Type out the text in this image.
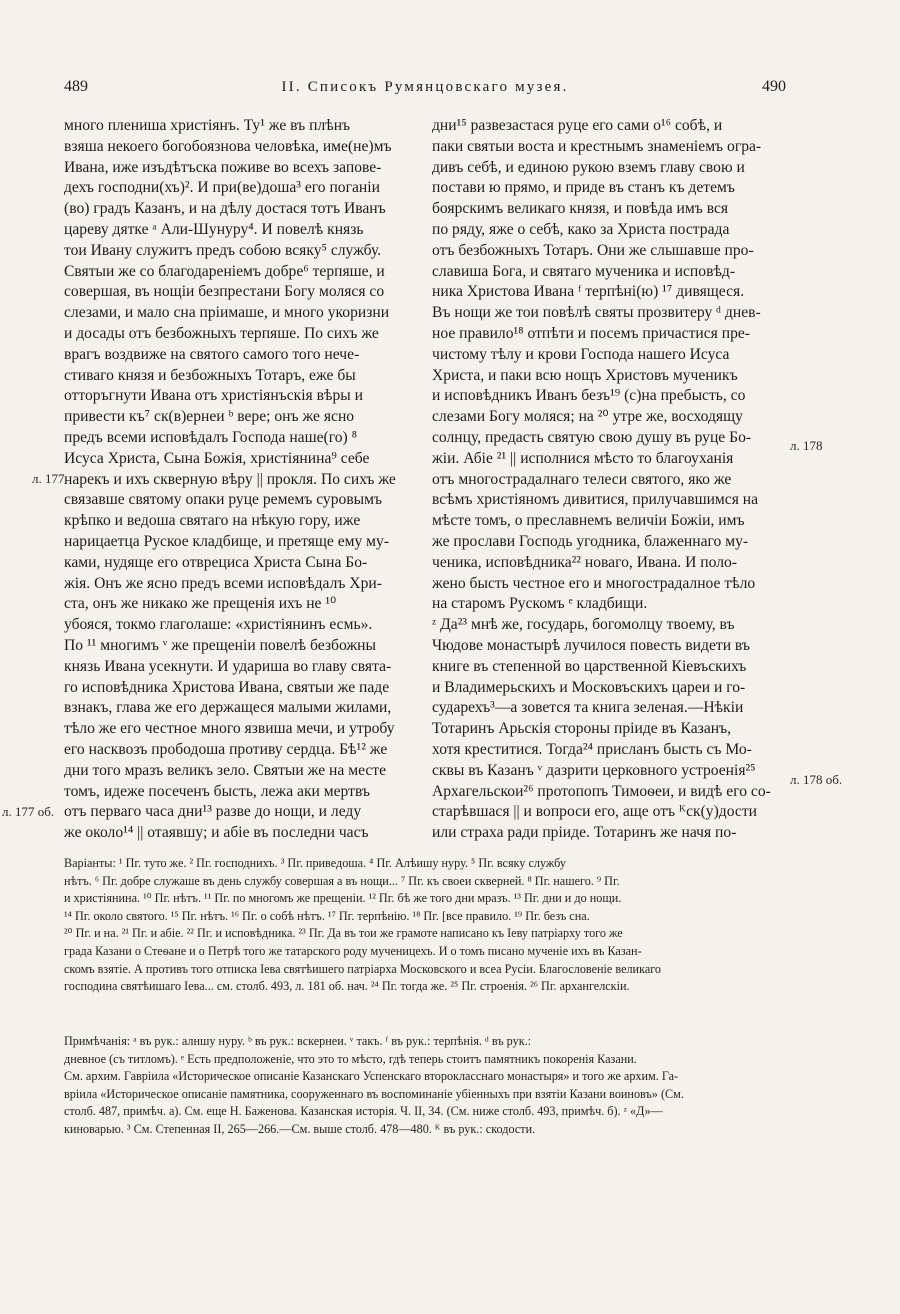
489	II. Списокъ Румянцовскаго музея.	490

много плениша христiянъ. Ту¹ же въ плѣнъ
взяша некоего богобоязнова человѣка, име(не)мъ
Ивана, иже изъдѣтъска поживе во всехъ запове-
дехъ господни(хъ)². И при(ве)доша³ его поганiи
(во) градъ Казанъ, и на дѣлу достася тотъ Иванъ
цареву дятке ᵃ Али-Шунуру⁴. И повелѣ князь
тои Ивану служитъ предъ собою всяку⁵ службу.
Святыи же со благодаренiемъ добре⁶ терпяше, и
совершая, въ нощiи безпрестани Богу моляся со
слезами, и мало сна прiимаше, и много укоризни
и досады отъ безбожныхъ терпяше. По сихъ же
врагъ воздвиже на святого самого того нече-
стиваго князя и безбожныхъ Тотаръ, еже бы
отторъгнути Ивана отъ христiянъскiя вѣры и
привести къ⁷ ск(в)ернеи ᵇ вере; онъ же ясно
предъ всеми исповѣдалъ Господа наше(го) ⁸
Исуса Христа, Сына Божiя, христiянина⁹ себе
нарекъ и ихъ скверную вѣру || прокля. По сихъ же
связавше святому опаки руце ремемъ суровымъ
крѣпко и ведоша святаго на нѣкую гору, иже
нарицаетца Руское кладбище, и претяще ему му-
ками, нудяще его отврециса Христа Сына Бо-
жiя. Онъ же ясно предъ всеми исповѣдалъ Хри-
ста, онъ же никако же прещенiя ихъ не ¹⁰
убояся, токмо глаголаше: «христiянинъ есмь».
По ¹¹ многимъ ᵛ же прещенiи повелѣ безбожны
князь Ивана усекнути. И удариша во главу свята-
го исповѣдника Христова Ивана, святыи же паде
взнакъ, глава же его держащеся малыми жилами,
тѣло же его честное много язвиша мечи, и утробу
его насквозъ прободоша противу сердца. Бѣ¹² же
дни того мразъ великъ зело. Святыи же на месте
томъ, идеже посеченъ бысть, лежа аки мертвъ
отъ перваго часа дни¹³ разве до нощи, и леду
же около¹⁴ || отаявшу; и абiе въ последни часъ

дни¹⁵ развезастася руце его сами о¹⁶ собѣ, и
паки святыи воста и крестнымъ знаменiемъ огра-
дивъ себѣ, и единою рукою вземъ главу свою и
постави ю прямо, и приде въ станъ къ детемъ
боярскимъ великаго князя, и повѣда имъ вся
по ряду, яже о себѣ, како за Христа пострада
отъ безбожныхъ Тотаръ. Они же слышавше про-
славиша Бога, и святаго мученика и исповѣд-
ника Христова Ивана ᶠ терпѣнi(ю) ¹⁷ дивящеся.
Въ нощи же тои повѣлѣ святы прозвитеру ᵈ днев-
ное правило¹⁸ отпѣти и посемъ причастися пре-
чистому тѣлу и крови Господа нашего Исуса
Христа, и паки всю нощъ Христовъ мученикъ
и исповѣдникъ Иванъ безъ¹⁹ (с)на пребысть, со
слезами Богу моляся; на ²⁰ утре же, восходящу
солнцу, предасть святую свою душу въ руце Бо-
жiи. Абiе ²¹ || исполнися мѣсто то благоуханiя
отъ многострадалнаго телеси святого, яко же
всѣмъ христiяномъ дивитися, прилучавшимся на
мѣсте томъ, о преславнемъ величiи Божiи, имъ
же прослави Господь угодника, блаженнаго му-
ченика, исповѣдника²² новаго, Ивана. И поло-
жено бысть честное его и многострадалное тѣло
на старомъ Рускомъ ᵉ кладбищи.
ᶻ Да²³ мнѣ же, государь, богомолцу твоему, въ
Чюдове монастырѣ лучилося повесть видети въ
книге въ степенной во царственной Кiевъскихъ
и Владимерьскихъ и Московъскихъ цареи и го-
сударехъ³—а зовется та книга зеленая.—Нѣкiи
Тотаринъ Арьскiя стороны прiиде въ Казанъ,
хотя креститися. Тогда²⁴ присланъ бысть съ Мо-
сквы въ Казанъ ᵛ дазрити церковного устроенiя²⁵
Архагельскои²⁶ протопопъ Тимоѳеи, и видѣ его со-
старѣвшася || и вопроси его, аще отъ ᴷск(у)дости
или страха ради прiиде. Тотаринъ же начя по-

л. 177
л. 177 об.
л. 178
л. 178 об.
Варiанты: ¹ Пг. туто же. ² Пг. господнихъ. ³ Пг. приведоша. ⁴ Пг. Алѣишу нуру. ⁵ Пг. всяку службу
нѣтъ. ⁶ Пг. добре служаше въ день службу совершая а въ нощи... ⁷ Пг. къ своеи скверней. ⁸ Пг. нашего. ⁹ Пг.
и христiянина. ¹⁰ Пг. нѣтъ. ¹¹ Пг. по многомъ же прещенiи. ¹² Пг. бѣ же того дни мразъ. ¹³ Пг. дни и до нощи.
¹⁴ Пг. около святого. ¹⁵ Пг. нѣтъ. ¹⁶ Пг. о собѣ нѣтъ. ¹⁷ Пг. терпѣнiю. ¹⁸ Пг. [все правило. ¹⁹ Пг. безъ сна.
²⁰ Пг. и на. ²¹ Пг. и абiе. ²² Пг. и исповѣдника. ²³ Пг. Да въ тои же грамоте написано къ Iеву патрiарху того же
града Казани о Стеѳане и о Петрѣ того же татарского роду мученицехъ. И о томъ писано мученiе ихъ въ Казан-
скомъ взятiе. А противъ того отписка Iева святѣишего патрiарха Московского и всеа Русiи. Благословенiе великаго
господина святѣишаго Iева... см. столб. 493, л. 181 об. нач. ²⁴ Пг. тогда же. ²⁵ Пг. строенiя. ²⁶ Пг. архангелскiи.
Примѣчанiя: ᵃ въ рук.: алншу нуру. ᵇ въ рук.: вскернеи. ᵛ такъ. ᶠ въ рук.: терпѣнiя. ᵈ въ рук.:
дневное (съ титломъ). ᵉ Есть предположенiе, что это то мѣсто, гдѣ теперь стоитъ памятникъ покоренiя Казани.
См. архим. Гаврiила «Историческое описанiе Казанскаго Успенскаго второкласснаго монастыря» и того же архим. Га-
врiила «Историческое описанiе памятника, сооруженнаго въ воспоминанiе убiенныхъ при взятiи Казани воиновъ» (См.
столб. 487, примѣч. а). См. еще Н. Баженова. Казанская исторiя. Ч. II, 34. (См. ниже столб. 493, примѣч. б). ᶻ «Д»—
киноварью. ³ См. Степенная II, 265—266.—См. выше столб. 478—480. ᴷ въ рук.: скодости.
